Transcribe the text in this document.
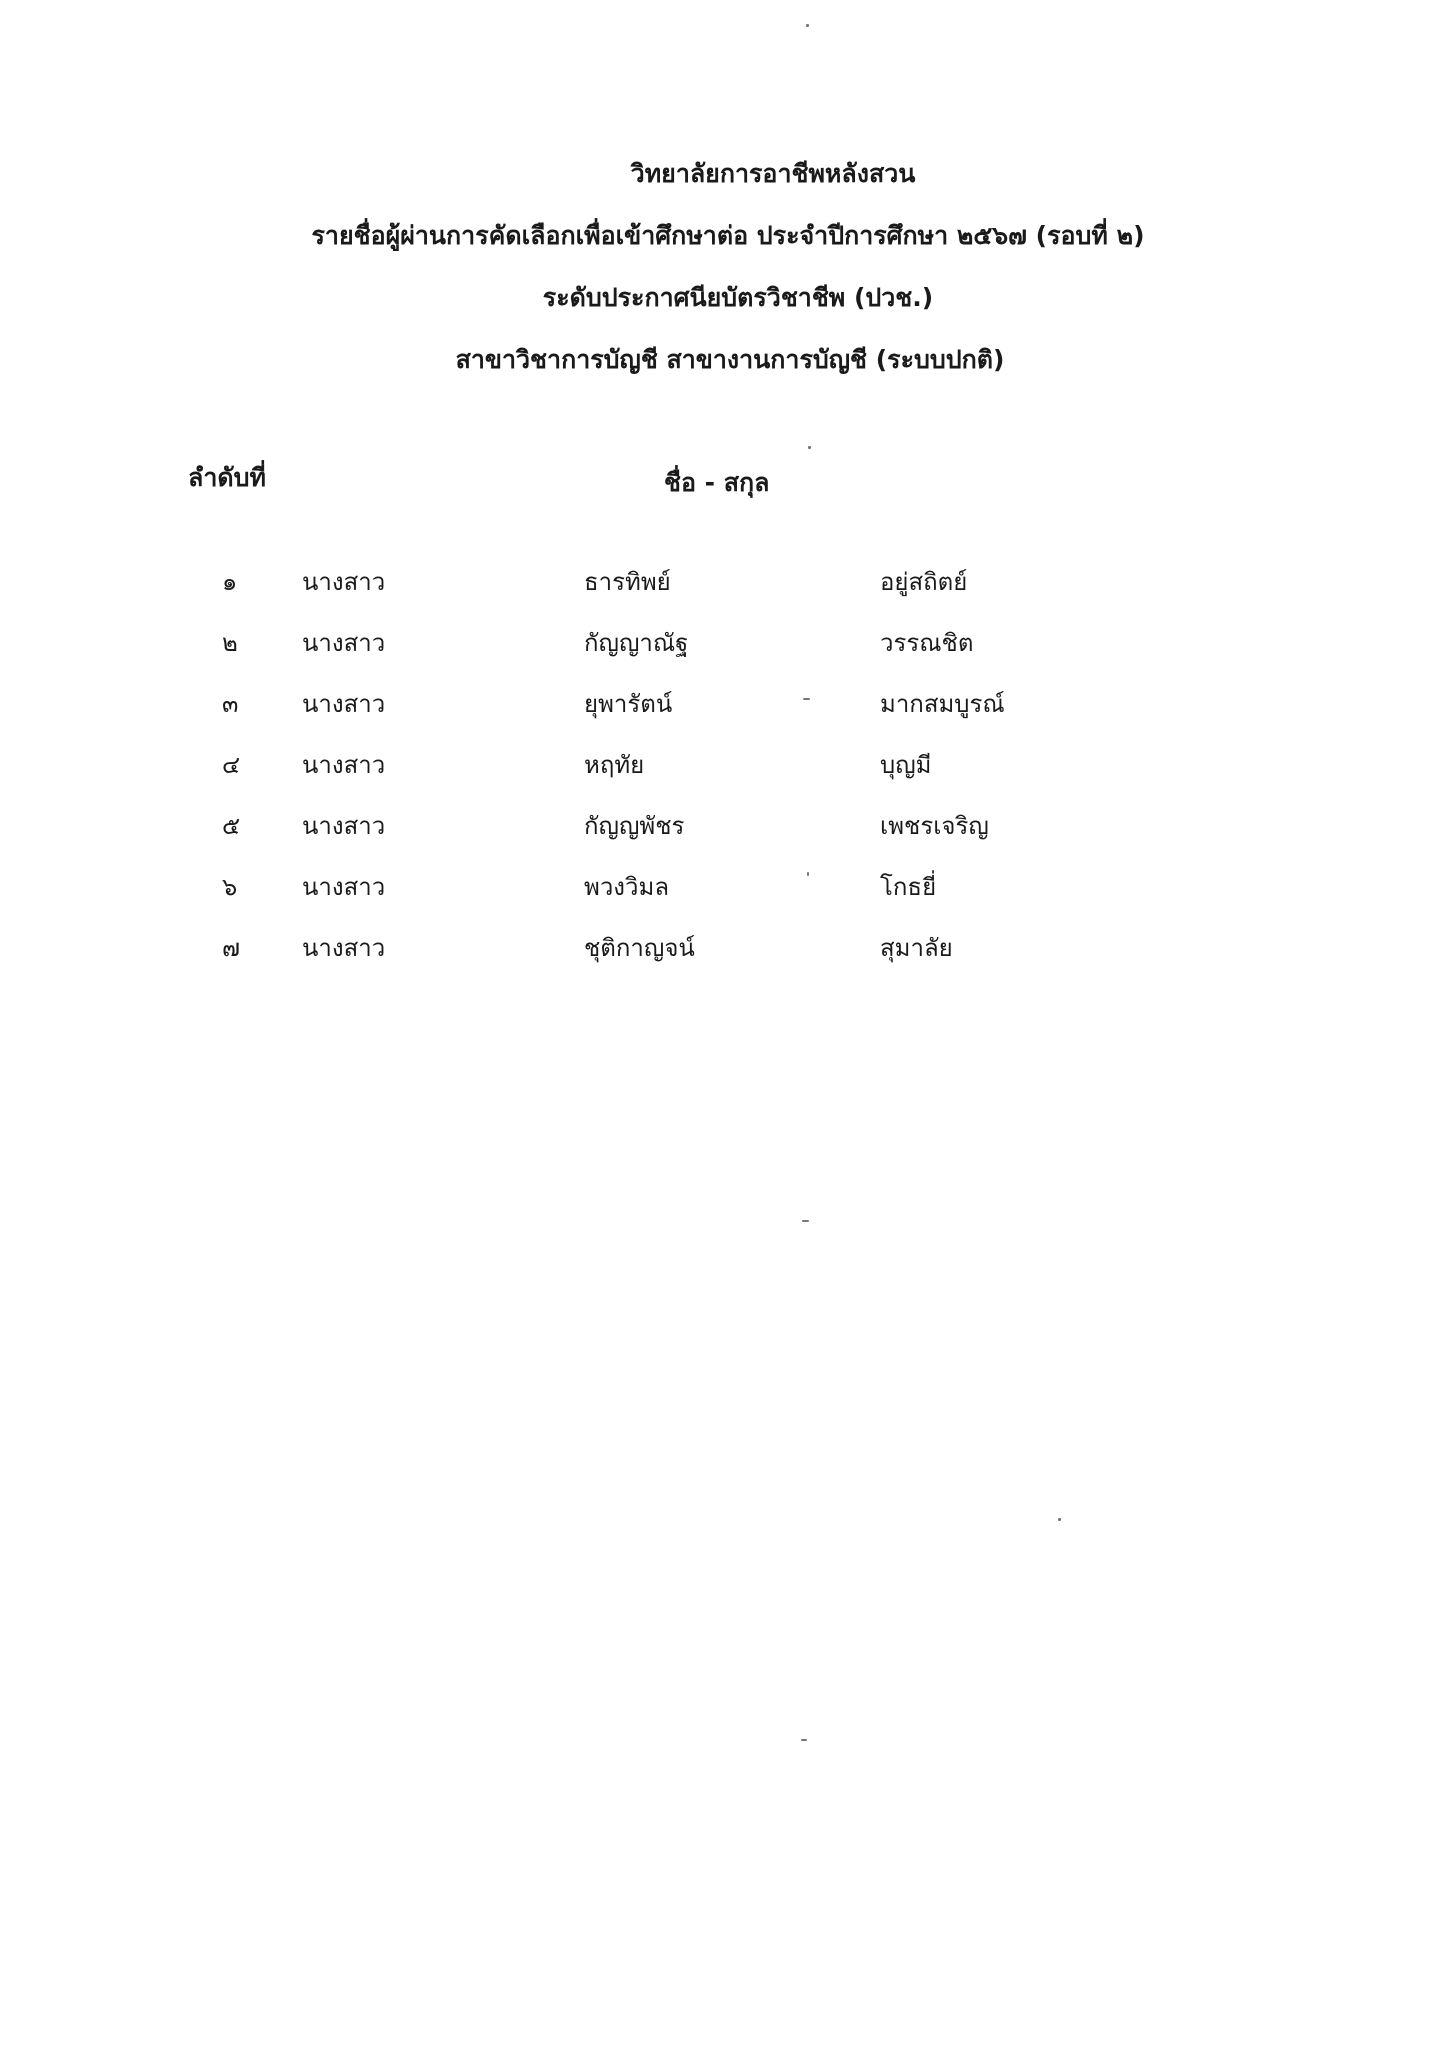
วิทยาลัยการอาชีพหลังสวน
รายชื่อผู้ผ่านการคัดเลือกเพื่อเข้าศึกษาต่อ ประจำปีการศึกษา ๒๕๖๗ (รอบที่ ๒)
ระดับประกาศนียบัตรวิชาชีพ (ปวช.)
สาขาวิชาการบัญชี สาขางานการบัญชี (ระบบปกติ)
ลำดับที่	ชื่อ - สกุล
๑	นางสาว	ธารทิพย์	อยู่สถิตย์
๒	นางสาว	กัญญาณัฐ	วรรณชิต
๓	นางสาว	ยุพารัตน์	มากสมบูรณ์
๔	นางสาว	หฤทัย	บุญมี
๕	นางสาว	กัญญพัชร	เพชรเจริญ
๖	นางสาว	พวงวิมล	โกธยี่
๗	นางสาว	ชุติกาญจน์	สุมาลัย
